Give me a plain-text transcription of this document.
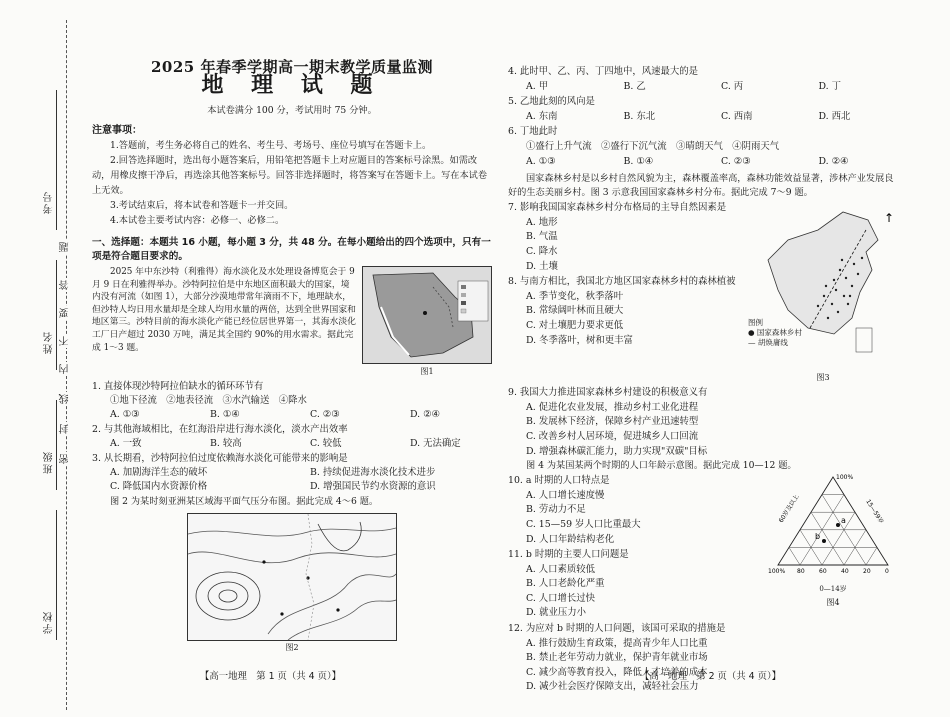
考号
姓名
班级
学校
题
答
要
不
内
线
封
密
2025 年春季学期高一期末教学质量监测
地 理 试 题
本试卷满分 100 分，考试用时 75 分钟。
注意事项：

1.答题前，考生务必将自己的姓名、考生号、考场号、座位号填写在答题卡上。

2.回答选择题时，选出每小题答案后，用铅笔把答题卡上对应题目的答案标号涂黑。如需改动，用橡皮擦干净后，再选涂其他答案标号。回答非选择题时，将答案写在答题卡上。写在本试卷上无效。

3.考试结束后，将本试卷和答题卡一并交回。

4.本试卷主要考试内容：必修一、必修二。

一、选择题：本题共 16 小题，每小题 3 分，共 48 分。在每小题给出的四个选项中，只有一项是符合题目要求的。
2025 年中东沙特（利雅得）海水淡化及水处理设备博览会于 9 月 9 日在利雅得举办。沙特阿拉伯是中东地区面积最大的国家，境内没有河流（如图 1），大部分沙漠地带常年滴雨不下，地理缺水，但沙特人均日用水量却是全球人均用水量的两倍，达到全世界国家和地区第三。沙特目前的海水淡化产能已经位居世界第一，其海水淡化工厂日产超过 2030 万吨，满足其全国约 90%的用水需求。据此完成 1～3 题。
图1
1. 直接体现沙特阿拉伯缺水的循环环节有
①地下径流　②地表径流　③水汽输送　④降水
A. ①③	B. ①④	C. ②③	D. ②④
2. 与其他海域相比，在红海沿岸进行海水淡化，淡水产出效率
A. 一致	B. 较高	C. 较低	D. 无法确定
3. 从长期看，沙特阿拉伯过度依赖海水淡化可能带来的影响是
A. 加剧海洋生态的破坏	B. 持续促进海水淡化技术进步
C. 降低国内水资源价格	D. 增强国民节约水资源的意识
图 2 为某时刻亚洲某区域海平面气压分布图。据此完成 4～6 题。
图2
4. 此时甲、乙、丙、丁四地中，风速最大的是
A. 甲	B. 乙	C. 丙	D. 丁
5. 乙地此刻的风向是
A. 东南	B. 东北	C. 西南	D. 西北
6. 丁地此时
①盛行上升气流　②盛行下沉气流　③晴朗天气　④阴雨天气
A. ①③	B. ①④	C. ②③	D. ②④
国家森林乡村是以乡村自然风貌为主，森林覆盖率高，森林功能效益显著，涉林产业发展良好的生态美丽乡村。图 3 示意我国国家森林乡村分布。据此完成 7～9 题。
7. 影响我国国家森林乡村分布格局的主导自然因素是
A. 地形
B. 气温
C. 降水
D. 土壤
8. 与南方相比，我国北方地区国家森林乡村的森林植被
A. 季节变化，秋季落叶
B. 常绿阔叶林而且硬大
C. 对土壤肥力要求更低
D. 冬季落叶，树和更丰富
↑
图例
● 国家森林乡村
— 胡焕庸线
图3
9. 我国大力推进国家森林乡村建设的积极意义有
A. 促进化农业发展，推动乡村工业化进程
B. 发展林下经济，保障乡村产业迅速转型
C. 改善乡村人居环境，促进城乡人口回流
D. 增强森林碳汇能力，助力实现"双碳"目标
图 4 为某国某两个时期的人口年龄示意图。据此完成 10—12 题。
10. a 时期的人口特点是
A. 人口增长速度慢
B. 劳动力不足
C. 15—59 岁人口比重最大
D. 人口年龄结构老化
11. b 时期的主要人口问题是
A. 人口素质较低
B. 人口老龄化严重
C. 人口增长过快
D. 就业压力小
a
b
100%
100% 80 60 40 20 0
15—59岁
60岁及以上
0—14岁
图4
12. 为应对 b 时期的人口问题，该国可采取的措施是
A. 推行鼓励生育政策，提高青少年人口比重
B. 禁止老年劳动力就业，保护青年就业市场
C. 减少高等教育投入，降低人才培养的成本
D. 减少社会医疗保障支出，减轻社会压力
【高一地理　第 1 页（共 4 页）】	【高一地理　第 2 页（共 4 页）】
